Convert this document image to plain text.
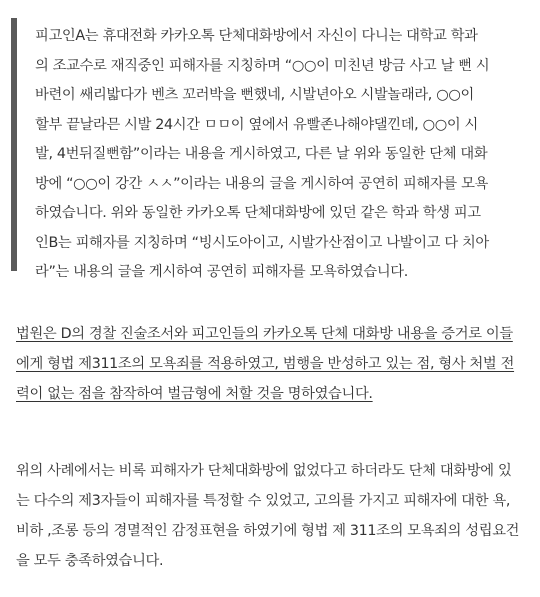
피고인A는 휴대전화 카카오톡 단체대화방에서 자신이 다니는 대학교 학과
의 조교수로 재직중인 피해자를 지칭하며 “○○이 미친년 방금 사고 날 뻔 시
바련이 쌔리밟다가 벤츠 꼬러박을 뻔했네, 시발년아오 시발놀래라, ○○이
할부 끝날라믄 시발 24시간 ㅁㅁ이 옆에서 유빨존나해야댈낀데, ○○이 시
발, 4번뒤질뻔함”이라는 내용을 게시하였고, 다른 날 위와 동일한 단체 대화
방에 “○○이 강간 ㅅㅅ”이라는 내용의 글을 게시하여 공연히 피해자를 모욕
하였습니다. 위와 동일한 카카오톡 단체대화방에 있던 같은 학과 학생 피고
인B는 피해자를 지칭하며 “빙시도아이고, 시발가산점이고 나발이고 다 치아
라”는 내용의 글을 게시하여 공연히 피해자를 모욕하였습니다.
법원은 D의 경찰 진술조서와 피고인들의 카카오톡 단체 대화방 내용을 증거로 이들
에게 형법 제311조의 모욕죄를 적용하였고, 범행을 반성하고 있는 점, 형사 처벌 전
력이 없는 점을 참작하여 벌금형에 처할 것을 명하였습니다.
위의 사례에서는 비록 피해자가 단체대화방에 없었다고 하더라도 단체 대화방에 있
는 다수의 제3자들이 피해자를 특정할 수 있었고, 고의를 가지고 피해자에 대한 욕,
비하 ,조롱 등의 경멸적인 감정표현을 하였기에 형법 제 311조의 모욕죄의 성립요건
을 모두 충족하였습니다.
